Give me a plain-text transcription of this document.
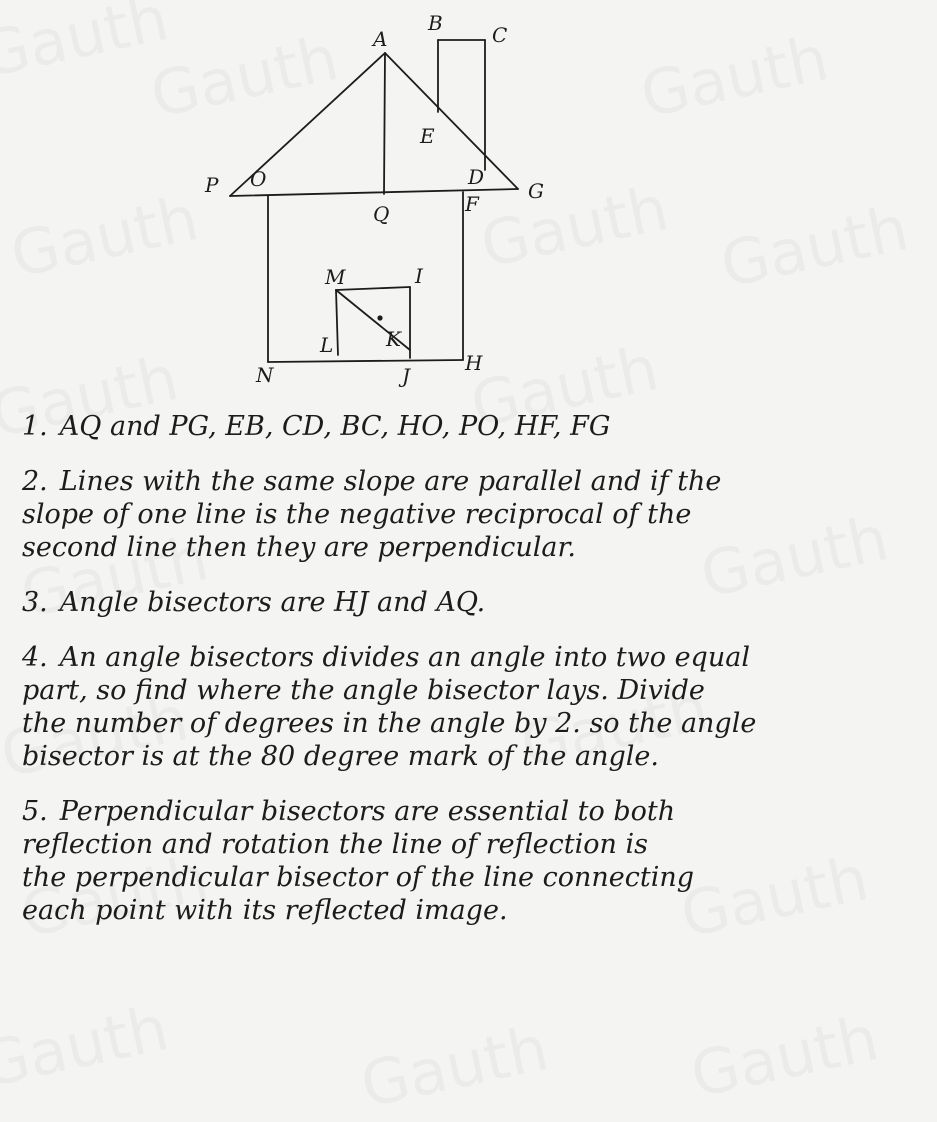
A
B C
E
P O	D
G
Q	F
M	I
L	K
N	J
H

1. AQ and PG, EB, CD, BC, HO, PO, HF, FG

2. Lines with the same slope are parallel and if the
slope of one line is the negative reciprocal of the
second line then they are perpendicular.

3. Angle bisectors are HJ and AQ.

4. An angle bisectors divides an angle into two equal
part, so find where the angle bisector lays. Divide
the number of degrees in the angle by 2. so the angle
bisector is at the 80 degree mark of the angle.

5. Perpendicular bisectors are essential to both
reflection and rotation the line of reflection is
the perpendicular bisector of the line connecting
each point with its reflected image.
